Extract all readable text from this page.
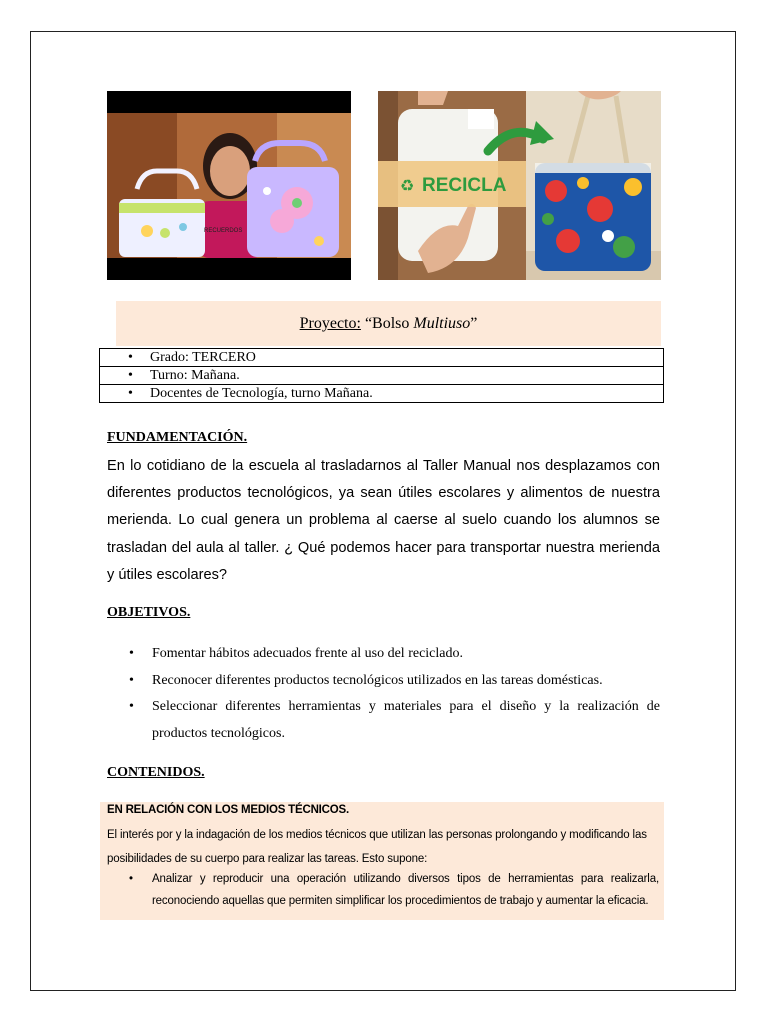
RECUERDOS
♻ RECICLA
Proyecto: “Bolso Multiuso”
• Grado: TERCERO
• Turno: Mañana.
• Docentes de Tecnología, turno Mañana.
FUNDAMENTACIÓN.
En lo cotidiano de la escuela al trasladarnos al Taller Manual nos desplazamos con diferentes productos tecnológicos, ya sean útiles escolares y alimentos de nuestra merienda. Lo cual genera un problema al caerse al suelo cuando los alumnos se trasladan del aula al taller. ¿ Qué podemos hacer para transportar nuestra merienda y útiles escolares?
OBJETIVOS.
• Fomentar hábitos adecuados frente al uso del reciclado.
• Reconocer diferentes productos tecnológicos utilizados en las tareas domésticas.
• Seleccionar diferentes herramientas y materiales para el diseño y la realización de productos tecnológicos.
CONTENIDOS.
EN RELACIÓN CON LOS MEDIOS TÉCNICOS.
El interés por y la indagación de los medios técnicos que utilizan las personas prolongando y modificando las posibilidades de su cuerpo para realizar las tareas. Esto supone:
• Analizar y reproducir una operación utilizando diversos tipos de herramientas para realizarla, reconociendo aquellas que permiten simplificar los procedimientos de trabajo y aumentar la eficacia.
